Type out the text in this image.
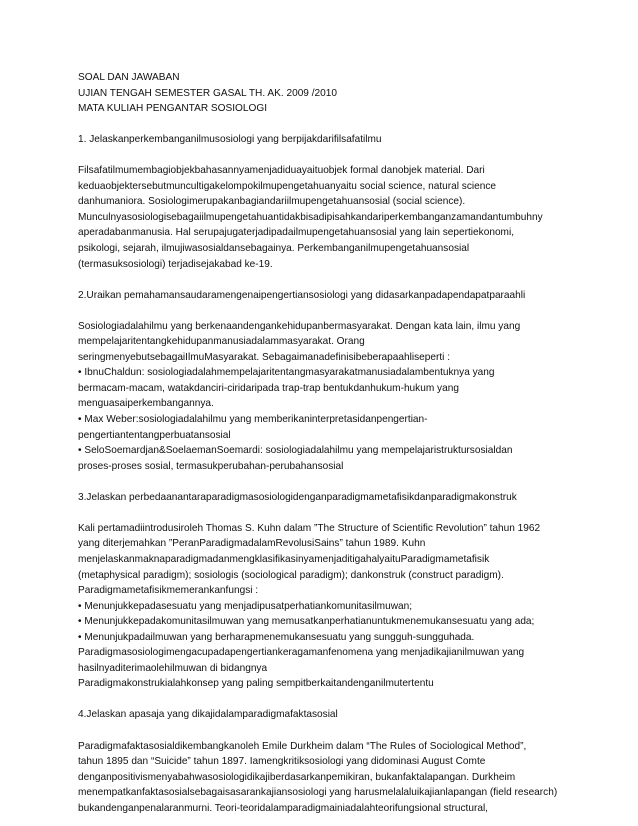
SOAL DAN JAWABAN
UJIAN TENGAH SEMESTER GASAL TH. AK. 2009 /2010
MATA KULIAH PENGANTAR SOSIOLOGI
1. Jelaskanperkembanganilmusosiologi yang berpijakdarifilsafatilmu
Filsafatilmumembagiobjekbahasannyamenjadiduayaituobjek formal danobjek material. Dari
keduaobjektersebutmuncultigakelompokilmupengetahuanyaitu social science, natural science
danhumaniora. Sosiologimerupakanbagiandariilmupengetahuansosial (social science).
Munculnyasosiologisebagaiilmupengetahuantidakbisadipisahkandariperkembanganzamandantumbuhny
aperadabanmanusia. Hal serupajugaterjadipadailmupengetahuansosial yang lain sepertiekonomi,
psikologi, sejarah, ilmujiwasosialdansebagainya. Perkembanganilmupengetahuansosial
(termasuksosiologi) terjadisejakabad ke-19.
2.Uraikan pemahamansaudaramengenaipengertiansosiologi yang didasarkanpadapendapatparaahli
Sosiologiadalahilmu yang berkenaandengankehidupanbermasyarakat. Dengan kata lain, ilmu yang
mempelajaritentangkehidupanmanusiadalammasyarakat. Orang
seringmenyebutsebagaiIlmuMasyarakat. Sebagaimanadefinisibeberapaahliseperti :
• IbnuChaldun: sosiologiadalahmempelajaritentangmasyarakatmanusiadalambentuknya yang
bermacam-macam, watakdanciri-ciridaripada trap-trap bentukdanhukum-hukum yang
menguasaiperkembangannya.
• Max Weber:sosiologiadalahilmu yang memberikaninterpretasidanpengertian-
pengertiantentangperbuatansosial
• SeloSoemardjan&SoelaemanSoemardi: sosiologiadalahilmu yang mempelajaristruktursosialdan
proses-proses sosial, termasukperubahan-perubahansosial
3.Jelaskan perbedaanantaraparadigmasosiologidenganparadigmametafisikdanparadigmakonstruk
Kali pertamadiintrodusiroleh Thomas S. Kuhn dalam ”The Structure of Scientific Revolution” tahun 1962
yang diterjemahkan ”PeranParadigmadalamRevolusiSains” tahun 1989. Kuhn
menjelaskanmaknaparadigmadanmengklasifikasinyamenjaditigahalyaituParadigmametafisik
(metaphysical paradigm); sosiologis (sociological paradigm); dankonstruk (construct paradigm).
Paradigmametafisikmemerankanfungsi :
• Menunjukkepadasesuatu yang menjadipusatperhatiankomunitasilmuwan;
• Menunjukkepadakomunitasilmuwan yang memusatkanperhatianuntukmenemukansesuatu yang ada;
• Menunjukpadailmuwan yang berharapmenemukansesuatu yang sungguh-sungguhada.
Paradigmasosiologimengacupadapengertiankeragamanfenomena yang menjadikajianilmuwan yang
hasilnyaditerimaolehilmuwan di bidangnya
Paradigmakonstrukialahkonsep yang paling sempitberkaitandenganilmutertentu
4.Jelaskan apasaja yang dikajidalamparadigmafaktasosial
Paradigmafaktasosialdikembangkanoleh Emile Durkheim dalam “The Rules of Sociological Method”,
tahun 1895 dan “Suicide” tahun 1897. Iamengkritiksosiologi yang didominasi August Comte
denganpositivismenyabahwasosiologidikajiberdasarkanpemikiran, bukanfaktalapangan. Durkheim
menempatkanfaktasosialsebagaisasarankajiansosiologi yang harusmelalaluikajianlapangan (field research)
bukandenganpenalaranmurni. Teori-teoridalamparadigmainiadalahteorifungsional structural,
